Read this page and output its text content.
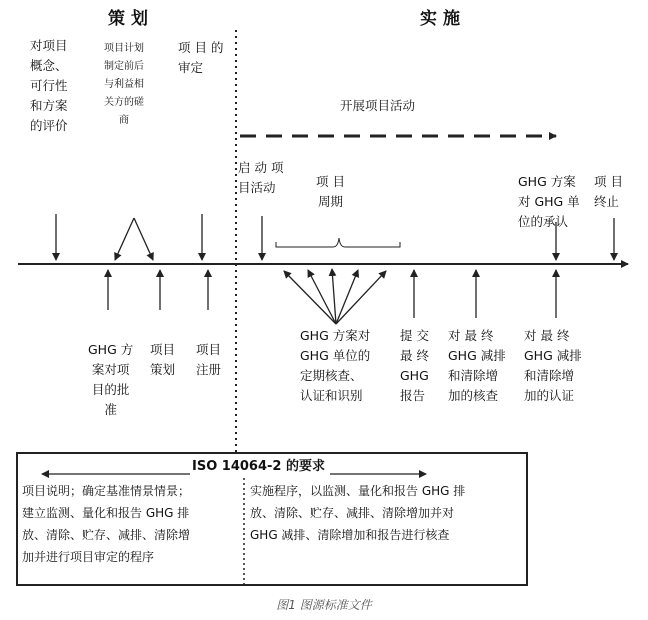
策划	实施
对项目
概念、
可行性
和方案
的评价
项目计划
制定前后
与利益相
关方的磋
商
项 目 的
审定
开展项目活动
启 动 项
目活动	项 目
周期
GHG 方案
对 GHG 单
位的承认
项 目
终止
GHG 方
案对项
目的批
准
项目
策划
项目
注册
GHG 方案对
GHG 单位的
定期核查、
认证和识别
提 交
最 终
GHG
报告
对 最 终
GHG 减排
和清除增
加的核查
对 最 终
GHG 减排
和清除增
加的认证
ISO 14064-2 的要求
项目说明；确定基准情景情景；
建立监测、量化和报告 GHG 排
放、清除、贮存、减排、清除增
加并进行项目审定的程序
实施程序，以监测、量化和报告 GHG 排
放、清除、贮存、减排、清除增加并对
GHG 减排、清除增加和报告进行核查
图1 图源标准文件
